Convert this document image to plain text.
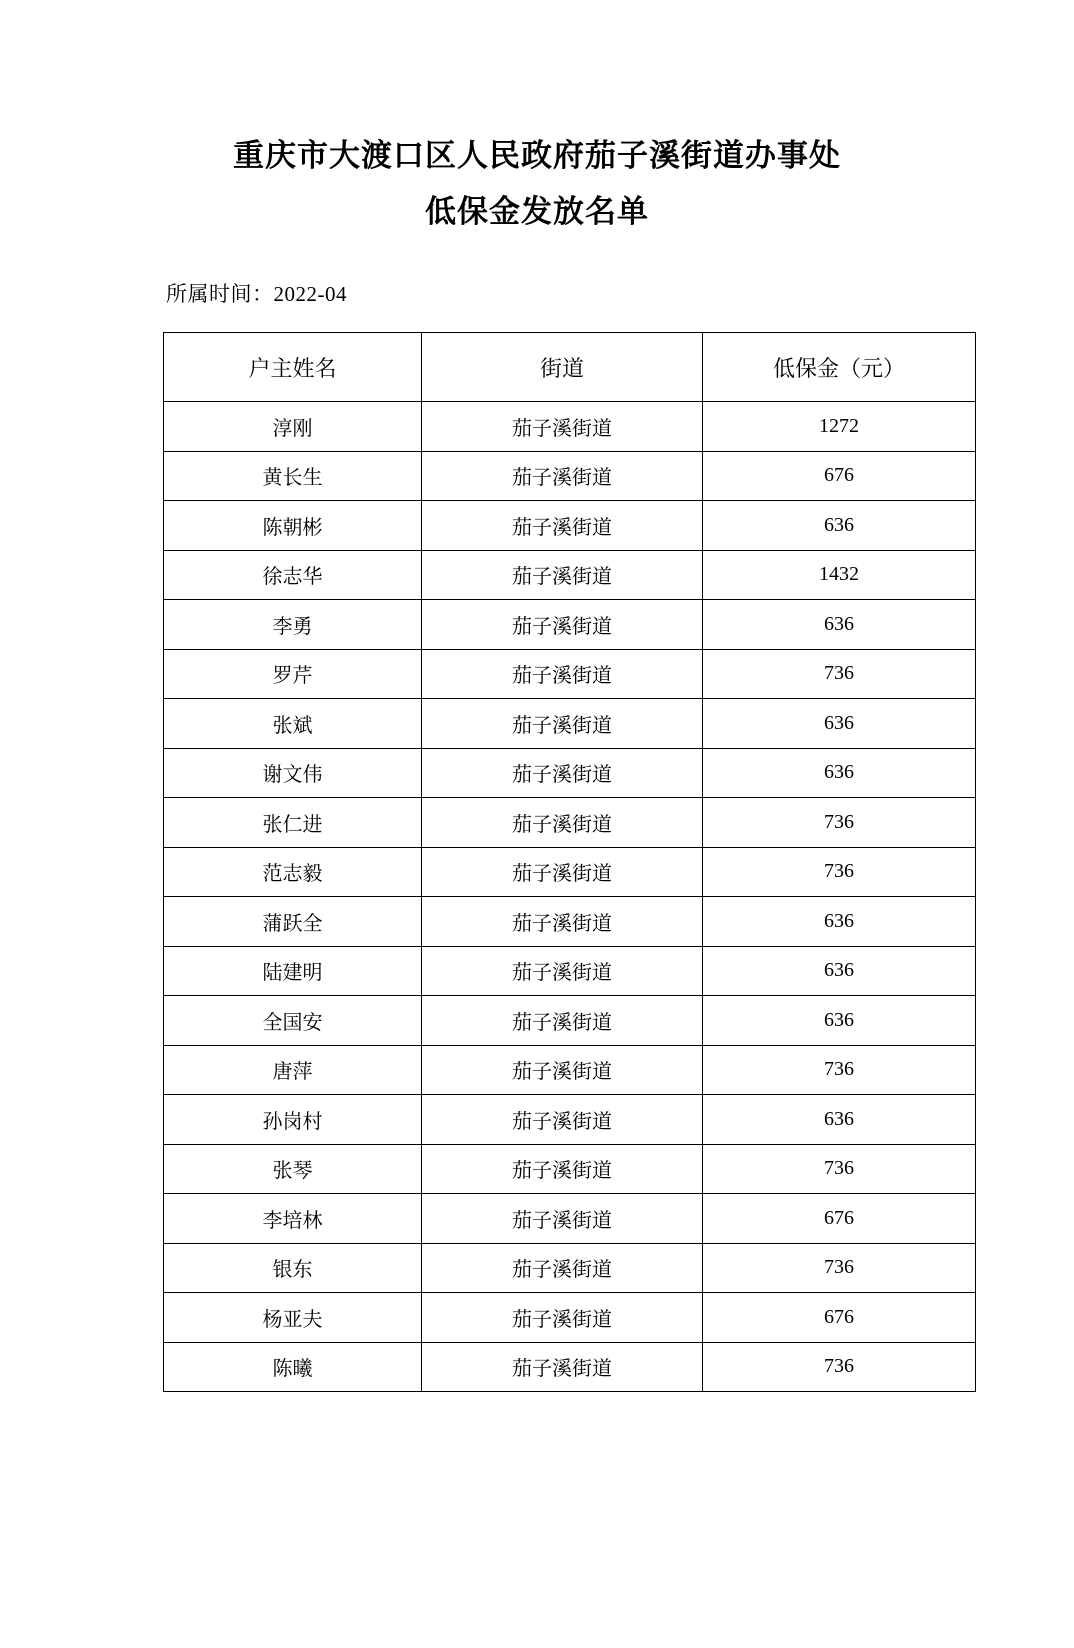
重庆市大渡口区人民政府茄子溪街道办事处
低保金发放名单
所属时间：2022-04
户主姓名	街道	低保金（元）
淳刚	茄子溪街道	1272
黄长生	茄子溪街道	676
陈朝彬	茄子溪街道	636
徐志华	茄子溪街道	1432
李勇	茄子溪街道	636
罗芹	茄子溪街道	736
张斌	茄子溪街道	636
谢文伟	茄子溪街道	636
张仁进	茄子溪街道	736
范志毅	茄子溪街道	736
蒲跃全	茄子溪街道	636
陆建明	茄子溪街道	636
全国安	茄子溪街道	636
唐萍	茄子溪街道	736
孙岗村	茄子溪街道	636
张琴	茄子溪街道	736
李培林	茄子溪街道	676
银东	茄子溪街道	736
杨亚夫	茄子溪街道	676
陈曦	茄子溪街道	736
